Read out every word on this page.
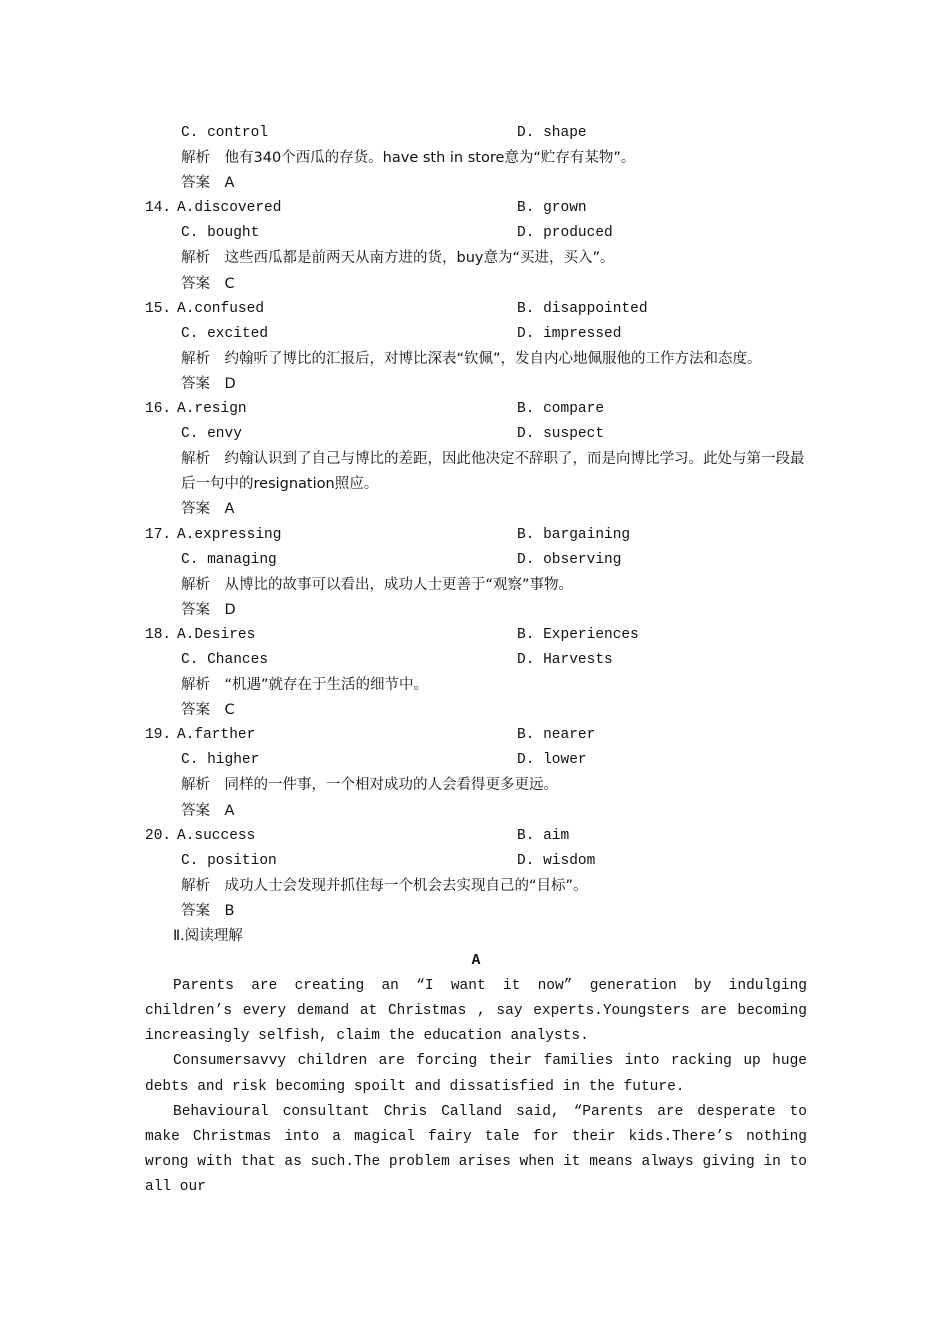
C. control	D. shape
解析　他有340个西瓜的存货。have sth in store意为“贮存有某物”。
答案　A
14. A.discovered	B. grown
C. bought	D. produced
解析　这些西瓜都是前两天从南方进的货，buy意为“买进，买入”。
答案　C
15. A.confused	B. disappointed
C. excited	D. impressed
解析　约翰听了博比的汇报后，对博比深表“钦佩”，发自内心地佩服他的工作方法和态度。
答案　D
16. A.resign	B. compare
C. envy	D. suspect
解析　约翰认识到了自己与博比的差距，因此他决定不辞职了，而是向博比学习。此处与第一段最后一句中的resignation照应。
答案　A
17. A.expressing	B. bargaining
C. managing	D. observing
解析　从博比的故事可以看出，成功人士更善于“观察”事物。
答案　D
18. A.Desires	B. Experiences
C. Chances	D. Harvests
解析　“机遇”就存在于生活的细节中。
答案　C
19. A.farther	B. nearer
C. higher	D. lower
解析　同样的一件事，一个相对成功的人会看得更多更远。
答案　A
20. A.success	B. aim
C. position	D. wisdom
解析　成功人士会发现并抓住每一个机会去实现自己的“目标”。
答案　B
Ⅱ.阅读理解
A
Parents are creating an “I want it now” generation by indulging children’s every demand at Christmas , say experts.Youngsters are becoming increasingly selfish, claim the education analysts.
Consumersavvy children are forcing their families into racking up huge debts and risk becoming spoilt and dissatisfied in the future.
Behavioural consultant Chris Calland said, “Parents are desperate to make Christmas into a magical fairy tale for their kids.There’s nothing wrong with that as such.The problem arises when it means always giving in to all our
